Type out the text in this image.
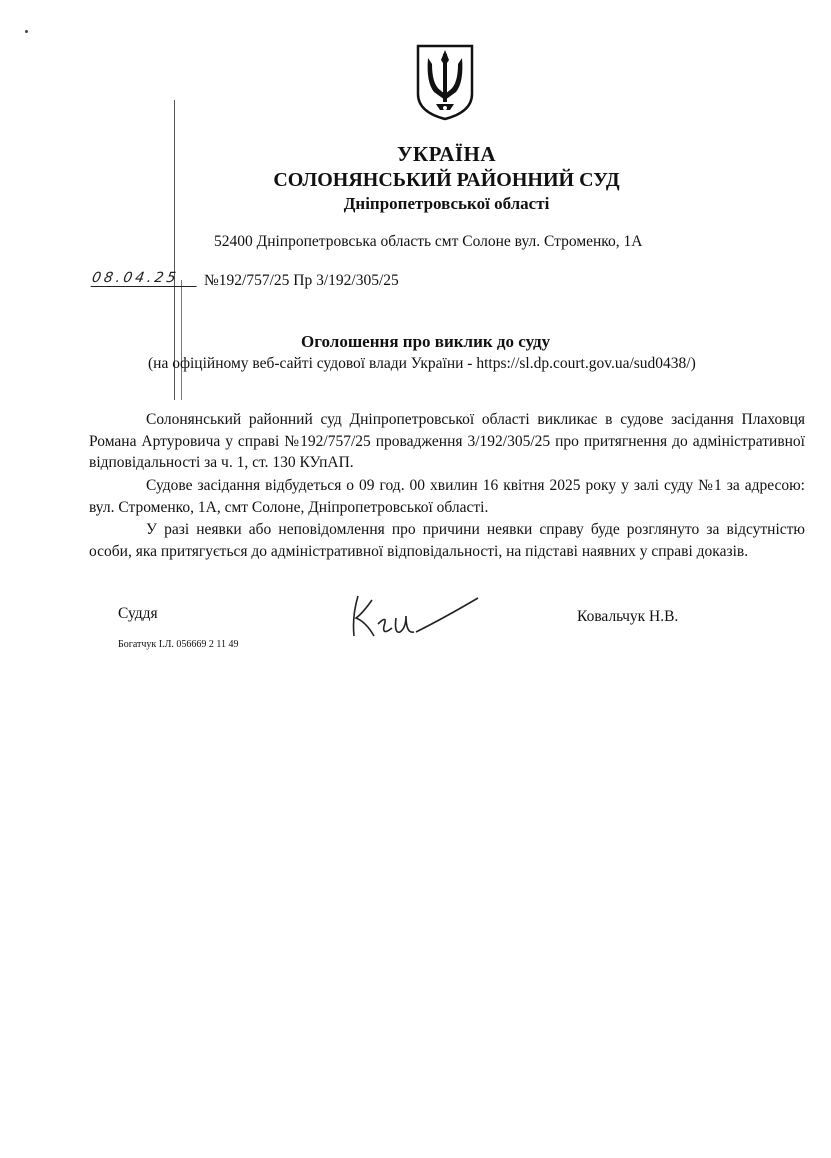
УКРАЇНА
СОЛОНЯНСЬКИЙ РАЙОННИЙ СУД
Дніпропетровської області
52400 Дніпропетровська область смт Солоне вул. Строменко, 1А
08.04.25	№192/757/25 Пр 3/192/305/25
Оголошення про виклик до суду
(на офіційному веб-сайті судової влади України - https://sl.dp.court.gov.ua/sud0438/)

Солонянський районний суд Дніпропетровської області викликає в судове засідання Плаховця Романа Артуровича у справі №192/757/25 провадження 3/192/305/25 про притягнення до адміністративної відповідальності за ч. 1, ст. 130 КУпАП.

Судове засідання відбудеться о 09 год. 00 хвилин 16 квітня 2025 року у залі суду №1 за адресою: вул. Строменко, 1А, смт Солоне, Дніпропетровської області.

У разі неявки або неповідомлення про причини неявки справу буде розглянуто за відсутністю особи, яка притягується до адміністративної відповідальності, на підставі наявних у справі доказів.

Суддя	Ковальчук Н.В.
Богатчук І.Л. 056669 2 11 49
